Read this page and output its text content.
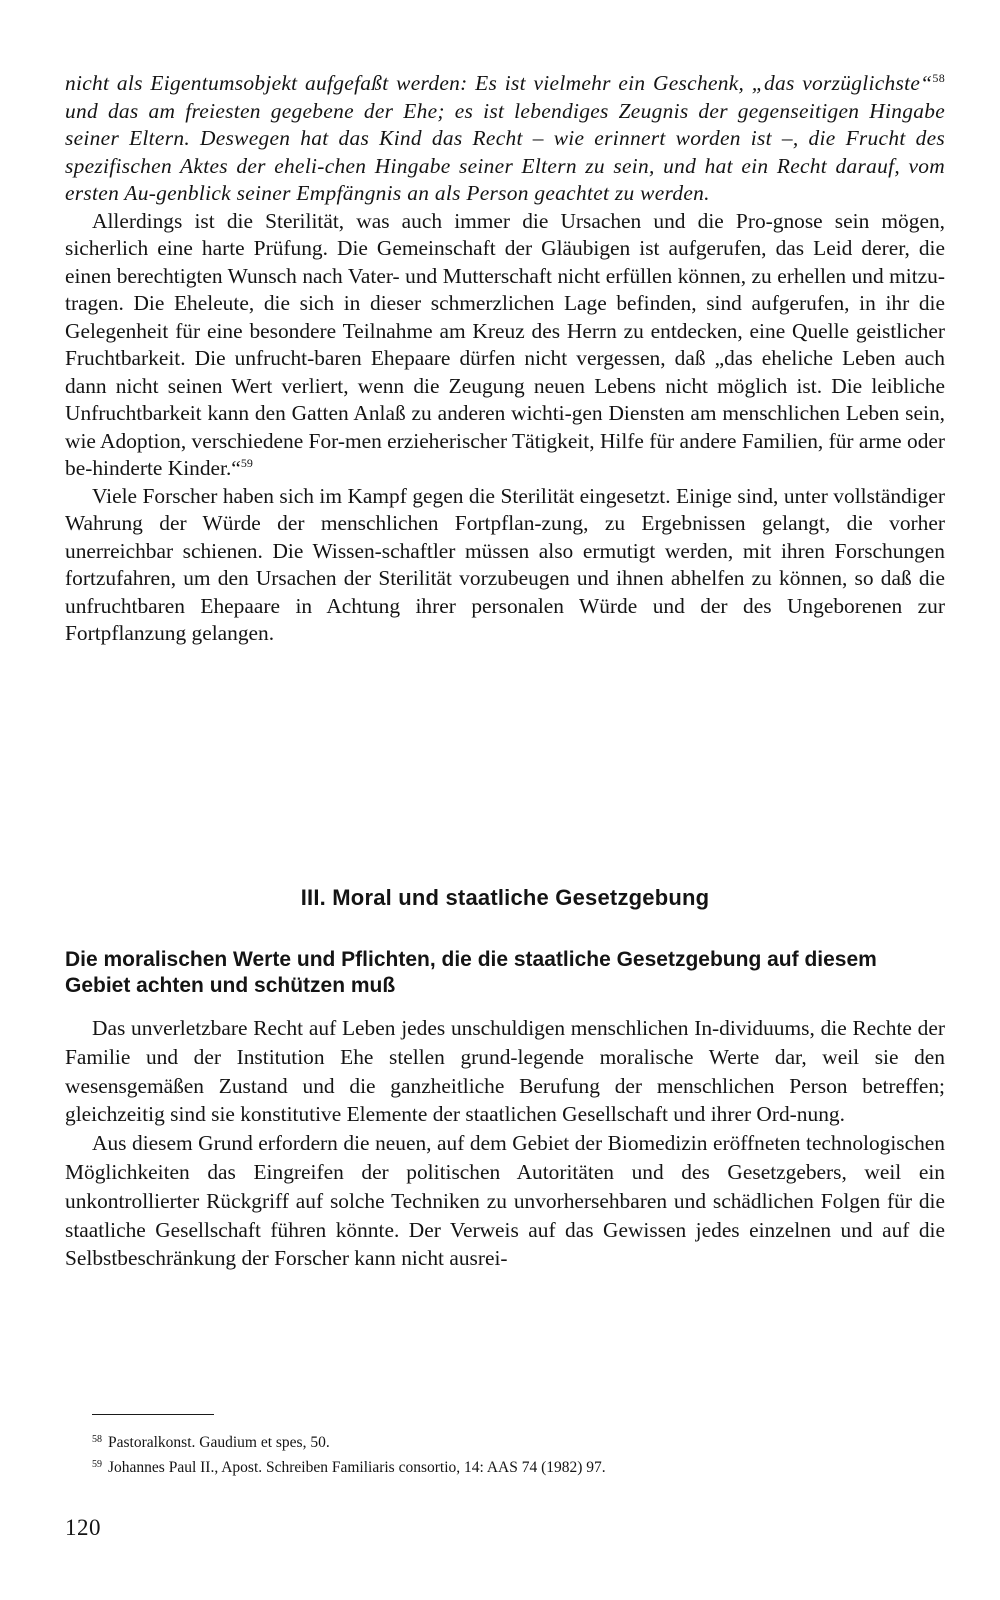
nicht als Eigentumsobjekt aufgefaßt werden: Es ist vielmehr ein Geschenk, „das vorzüglichste“$^{58}$ und das am freiesten gegebene der Ehe; es ist lebendiges Zeugnis der gegenseitigen Hingabe seiner Eltern. Deswegen hat das Kind das Recht – wie erinnert worden ist –, die Frucht des spezifischen Aktes der eheli-chen Hingabe seiner Eltern zu sein, und hat ein Recht darauf, vom ersten Au-genblick seiner Empfängnis an als Person geachtet zu werden.

Allerdings ist die Sterilität, was auch immer die Ursachen und die Pro-gnose sein mögen, sicherlich eine harte Prüfung. Die Gemeinschaft der Gläubigen ist aufgerufen, das Leid derer, die einen berechtigten Wunsch nach Vater- und Mutterschaft nicht erfüllen können, zu erhellen und mitzu-tragen. Die Eheleute, die sich in dieser schmerzlichen Lage befinden, sind aufgerufen, in ihr die Gelegenheit für eine besondere Teilnahme am Kreuz des Herrn zu entdecken, eine Quelle geistlicher Fruchtbarkeit. Die unfrucht-baren Ehepaare dürfen nicht vergessen, daß „das eheliche Leben auch dann nicht seinen Wert verliert, wenn die Zeugung neuen Lebens nicht möglich ist. Die leibliche Unfruchtbarkeit kann den Gatten Anlaß zu anderen wichti-gen Diensten am menschlichen Leben sein, wie Adoption, verschiedene For-men erzieherischer Tätigkeit, Hilfe für andere Familien, für arme oder be-hinderte Kinder.“$^{59}$

Viele Forscher haben sich im Kampf gegen die Sterilität eingesetzt. Einige sind, unter vollständiger Wahrung der Würde der menschlichen Fortpflan-zung, zu Ergebnissen gelangt, die vorher unerreichbar schienen. Die Wissen-schaftler müssen also ermutigt werden, mit ihren Forschungen fortzufahren, um den Ursachen der Sterilität vorzubeugen und ihnen abhelfen zu können, so daß die unfruchtbaren Ehepaare in Achtung ihrer personalen Würde und der des Ungeborenen zur Fortpflanzung gelangen.

III. Moral und staatliche Gesetzgebung

Die moralischen Werte und Pflichten, die die staatliche Gesetzgebung auf diesem Gebiet achten und schützen muß

Das unverletzbare Recht auf Leben jedes unschuldigen menschlichen In-dividuums, die Rechte der Familie und der Institution Ehe stellen grund-legende moralische Werte dar, weil sie den wesensgemäßen Zustand und die ganzheitliche Berufung der menschlichen Person betreffen; gleichzeitig sind sie konstitutive Elemente der staatlichen Gesellschaft und ihrer Ord-nung.

Aus diesem Grund erfordern die neuen, auf dem Gebiet der Biomedizin eröffneten technologischen Möglichkeiten das Eingreifen der politischen Autoritäten und des Gesetzgebers, weil ein unkontrollierter Rückgriff auf solche Techniken zu unvorhersehbaren und schädlichen Folgen für die staatliche Gesellschaft führen könnte. Der Verweis auf das Gewissen jedes einzelnen und auf die Selbstbeschränkung der Forscher kann nicht ausrei-

$^{58}$ Pastoralkonst. Gaudium et spes, 50.

$^{59}$ Johannes Paul II., Apost. Schreiben Familiaris consortio, 14: AAS 74 (1982) 97.

120
